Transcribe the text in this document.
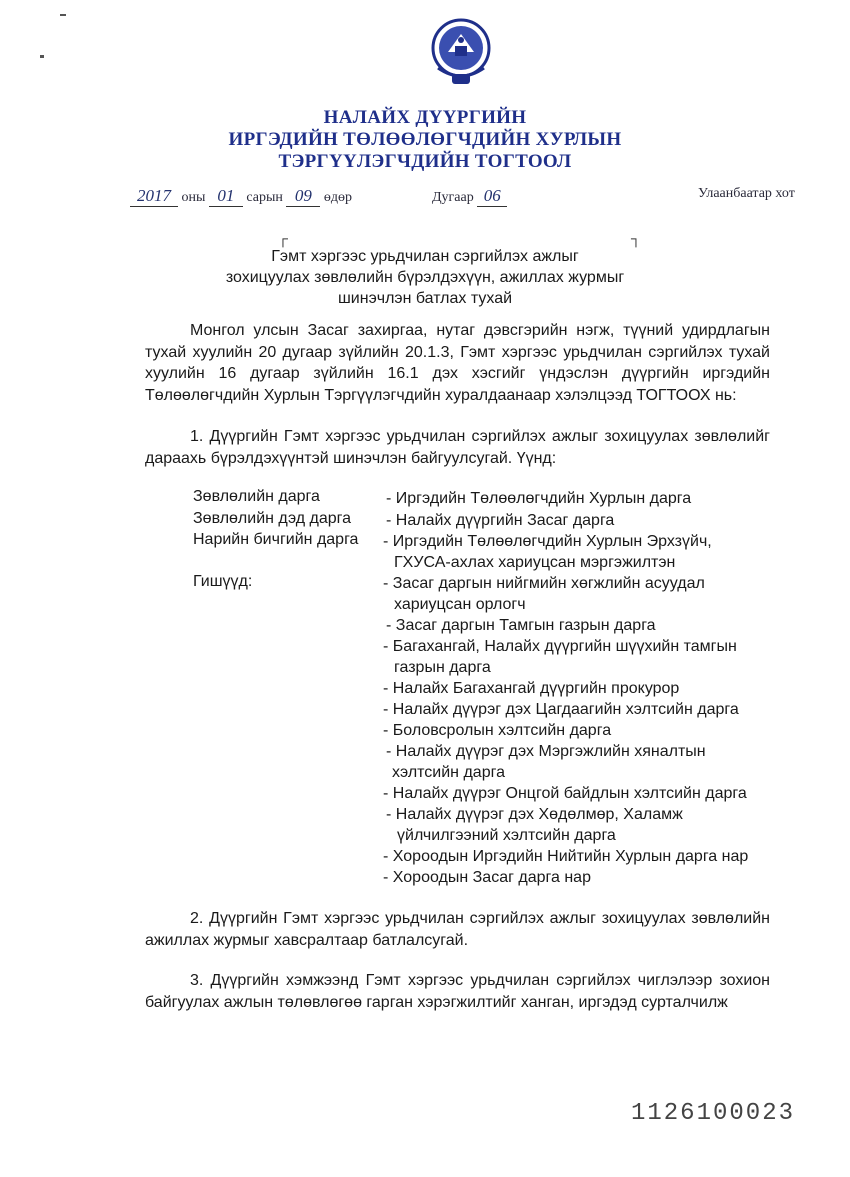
НАЛАЙХ ДҮҮРГИЙН
ИРГЭДИЙН ТӨЛӨӨЛӨГЧДИЙН ХУРЛЫН
ТЭРГҮҮЛЭГЧДИЙН ТОГТООЛ
2017 оны 01 сарын 09 өдөр	Дугаар 06	Улаанбаатар хот
┌	┐
Гэмт хэргээс урьдчилан сэргийлэх ажлыг
зохицуулах зөвлөлийн бүрэлдэхүүн, ажиллах журмыг
шинэчлэн батлах тухай
Монгол улсын Засаг захиргаа, нутаг дэвсгэрийн нэгж, түүний удирдлагын тухай хуулийн 20 дугаар зүйлийн 20.1.3, Гэмт хэргээс урьдчилан сэргийлэх тухай хуулийн 16 дугаар зүйлийн 16.1 дэх хэсгийг үндэслэн дүүргийн иргэдийн Төлөөлөгчдийн Хурлын Тэргүүлэгчдийн хуралдаанаар хэлэлцээд ТОГТООХ нь:
1. Дүүргийн Гэмт хэргээс урьдчилан сэргийлэх ажлыг зохицуулах зөвлөлийг дараахь бүрэлдэхүүнтэй шинэчлэн байгуулсугай. Үүнд:
Зөвлөлийн дарга	- Иргэдийн Төлөөлөгчдийн Хурлын дарга
Зөвлөлийн дэд дарга - Налайх дүүргийн Засаг дарга
Нарийн бичгийн дарга - Иргэдийн Төлөөлөгчдийн Хурлын Эрхзүйч,
ГХУСА-ахлах хариуцсан мэргэжилтэн
Гишүүд:	- Засаг даргын нийгмийн хөгжлийн асуудал
хариуцсан орлогч
- Засаг даргын Тамгын газрын дарга
- Багахангай, Налайх дүүргийн шүүхийн тамгын
газрын дарга
- Налайх Багахангай дүүргийн прокурор
- Налайх дүүрэг дэх Цагдаагийн хэлтсийн дарга
- Боловсролын хэлтсийн дарга
- Налайх дүүрэг дэх Мэргэжлийн хяналтын
хэлтсийн дарга
- Налайх дүүрэг Онцгой байдлын хэлтсийн дарга
- Налайх дүүрэг дэх Хөдөлмөр, Халамж
үйлчилгээний хэлтсийн дарга
- Хороодын Иргэдийн Нийтийн Хурлын дарга нар
- Хороодын Засаг дарга нар
2. Дүүргийн Гэмт хэргээс урьдчилан сэргийлэх ажлыг зохицуулах зөвлөлийн ажиллах журмыг хавсралтаар батлалсугай.
3. Дүүргийн хэмжээнд Гэмт хэргээс урьдчилан сэргийлэх чиглэлээр зохион байгуулах ажлын төлөвлөгөө гарган хэрэгжилтийг ханган, иргэдэд сурталчилж
1126100023
